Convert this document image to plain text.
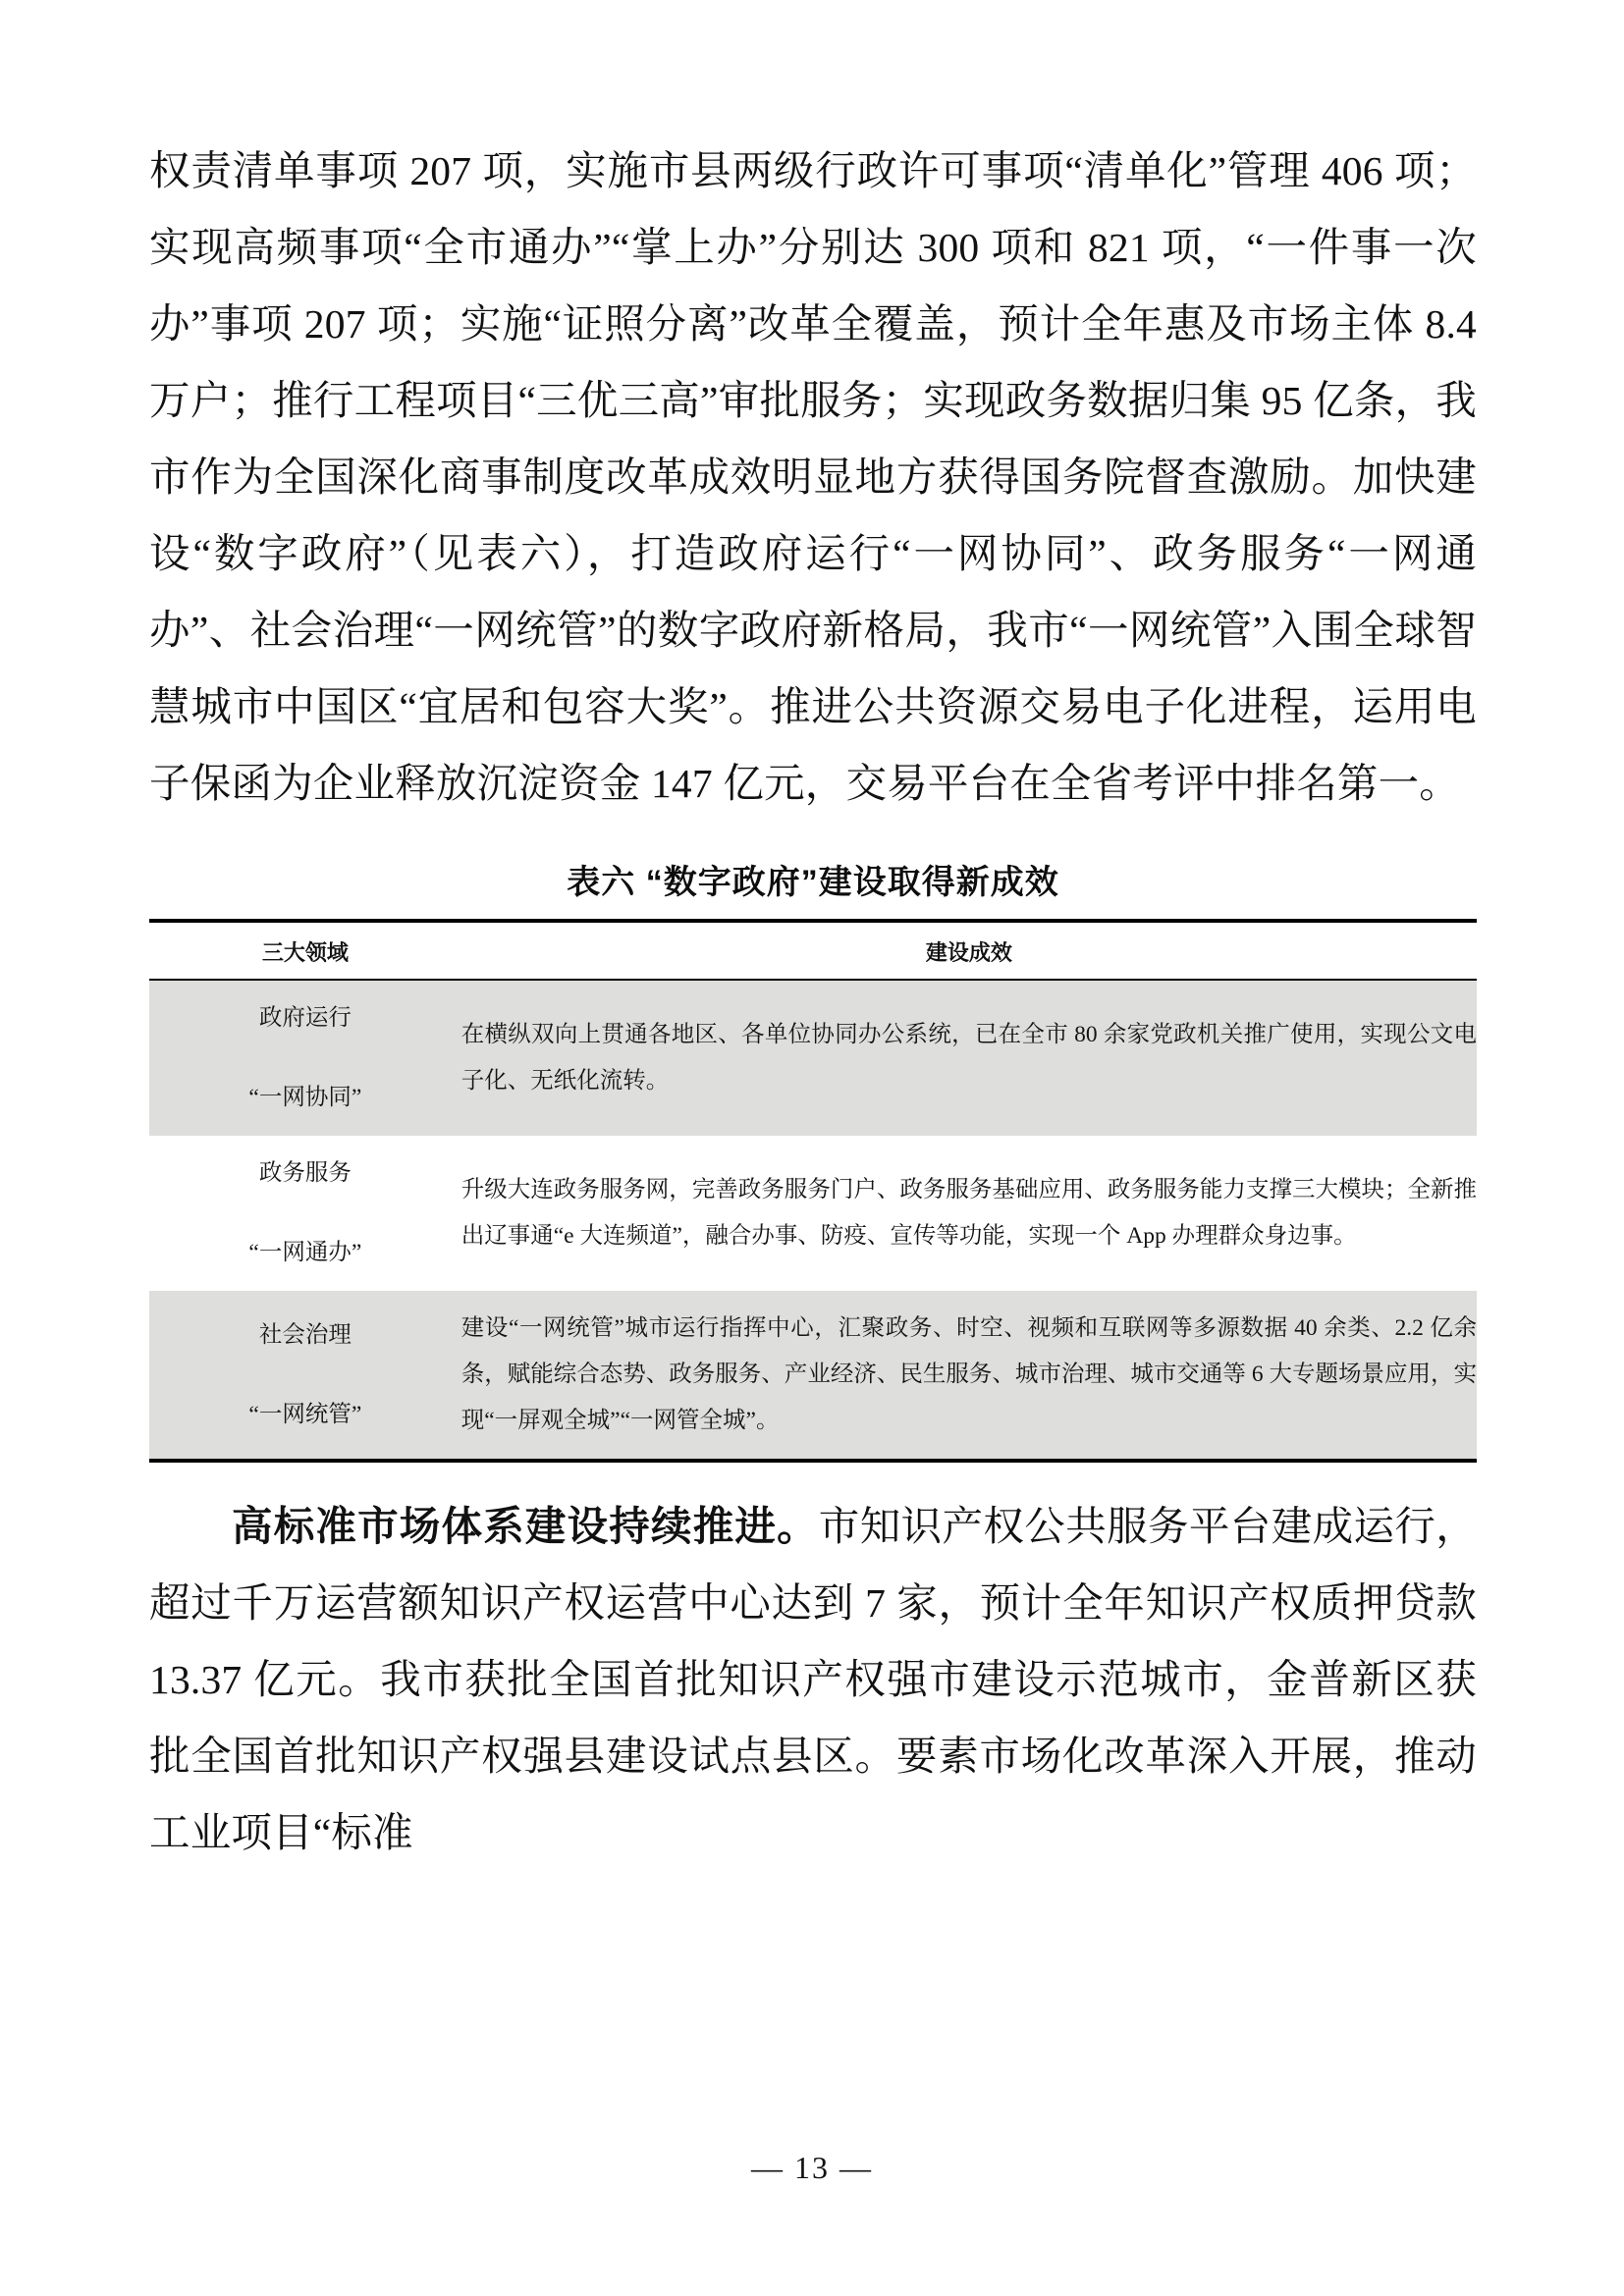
权责清单事项 207 项，实施市县两级行政许可事项“清单化”管理 406 项；实现高频事项“全市通办”“掌上办”分别达 300 项和 821 项，“一件事一次办”事项 207 项；实施“证照分离”改革全覆盖，预计全年惠及市场主体 8.4 万户；推行工程项目“三优三高”审批服务；实现政务数据归集 95 亿条，我市作为全国深化商事制度改革成效明显地方获得国务院督查激励。加快建设“数字政府”（见表六），打造政府运行“一网协同”、政务服务“一网通办”、社会治理“一网统管”的数字政府新格局，我市“一网统管”入围全球智慧城市中国区“宜居和包容大奖”。推进公共资源交易电子化进程，运用电子保函为企业释放沉淀资金 147 亿元，交易平台在全省考评中排名第一。

表六 “数字政府”建设取得新成效
三大领域	建设成效

政府运行
“一网协同”	在横纵双向上贯通各地区、各单位协同办公系统，已在全市 80 余家党政机关推广使用，实现公文电子化、无纸化流转。

政务服务
“一网通办”	升级大连政务服务网，完善政务服务门户、政务服务基础应用、政务服务能力支撑三大模块；全新推出辽事通“e 大连频道”，融合办事、防疫、宣传等功能，实现一个 App 办理群众身边事。

社会治理
“一网统管”	建设“一网统管”城市运行指挥中心，汇聚政务、时空、视频和互联网等多源数据 40 余类、2.2 亿余条，赋能综合态势、政务服务、产业经济、民生服务、城市治理、城市交通等 6 大专题场景应用，实现“一屏观全城”“一网管全城”。

高标准市场体系建设持续推进。市知识产权公共服务平台建成运行，超过千万运营额知识产权运营中心达到 7 家，预计全年知识产权质押贷款 13.37 亿元。我市获批全国首批知识产权强市建设示范城市，金普新区获批全国首批知识产权强县建设试点县区。要素市场化改革深入开展，推动工业项目“标准

— 13 —
